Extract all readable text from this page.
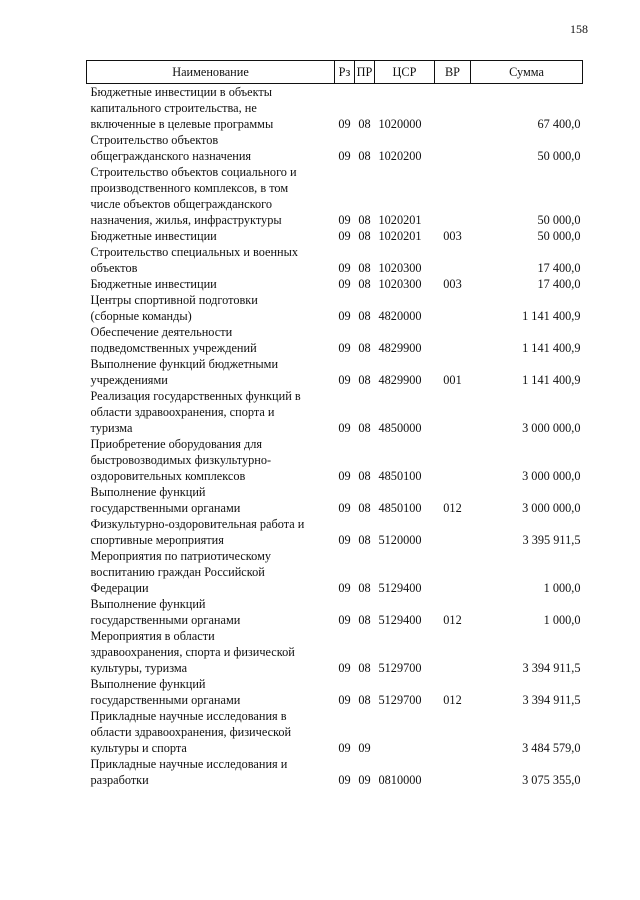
158
Наименование	Рз	ПР	ЦСР	ВР	Сумма

Бюджетные инвестиции в объекты
капитального строительства, не
включенные в целевые программы	09	08	1020000		67 400,0

Строительство объектов
общегражданского назначения	09	08	1020200		50 000,0

Строительство объектов социального и
производственного комплексов, в том
числе объектов общегражданского
назначения, жилья, инфраструктуры	09	08	1020201		50 000,0

Бюджетные инвестиции	09	08	1020201	003	50 000,0

Строительство специальных и военных
объектов	09	08	1020300		17 400,0

Бюджетные инвестиции	09	08	1020300	003	17 400,0

Центры спортивной подготовки
(сборные команды)	09	08	4820000		1 141 400,9

Обеспечение деятельности
подведомственных учреждений	09	08	4829900		1 141 400,9

Выполнение функций бюджетными
учреждениями	09	08	4829900	001	1 141 400,9

Реализация государственных функций в
области здравоохранения, спорта и
туризма	09	08	4850000		3 000 000,0

Приобретение оборудования для
быстровозводимых физкультурно-
оздоровительных комплексов	09	08	4850100		3 000 000,0

Выполнение функций
государственными органами	09	08	4850100	012	3 000 000,0

Физкультурно-оздоровительная работа и
спортивные мероприятия	09	08	5120000		3 395 911,5

Мероприятия по патриотическому
воспитанию граждан Российской
Федерации	09	08	5129400		1 000,0

Выполнение функций
государственными органами	09	08	5129400	012	1 000,0

Мероприятия в области
здравоохранения, спорта и физической
культуры, туризма	09	08	5129700		3 394 911,5

Выполнение функций
государственными органами	09	08	5129700	012	3 394 911,5

Прикладные научные исследования в
области здравоохранения, физической
культуры и спорта	09	09			3 484 579,0

Прикладные научные исследования и
разработки	09	09	0810000		3 075 355,0
